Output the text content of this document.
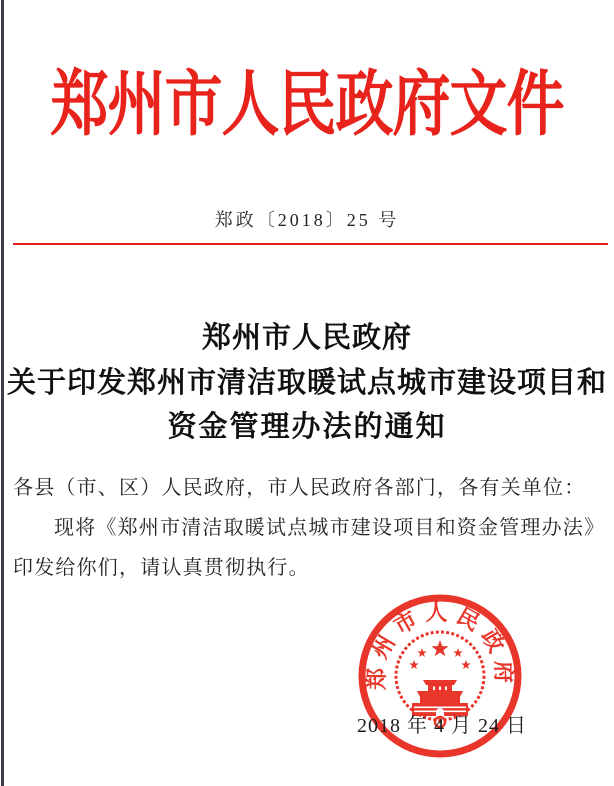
郑州市人民政府文件
郑政〔2018〕25 号
郑州市人民政府
关于印发郑州市清洁取暖试点城市建设项目和
资金管理办法的通知

各县（市、区）人民政府，市人民政府各部门，各有关单位：

现将《郑州市清洁取暖试点城市建设项目和资金管理办法》

印发给你们，请认真贯彻执行。

郑州市人民政府
2018 年 4 月 24 日
